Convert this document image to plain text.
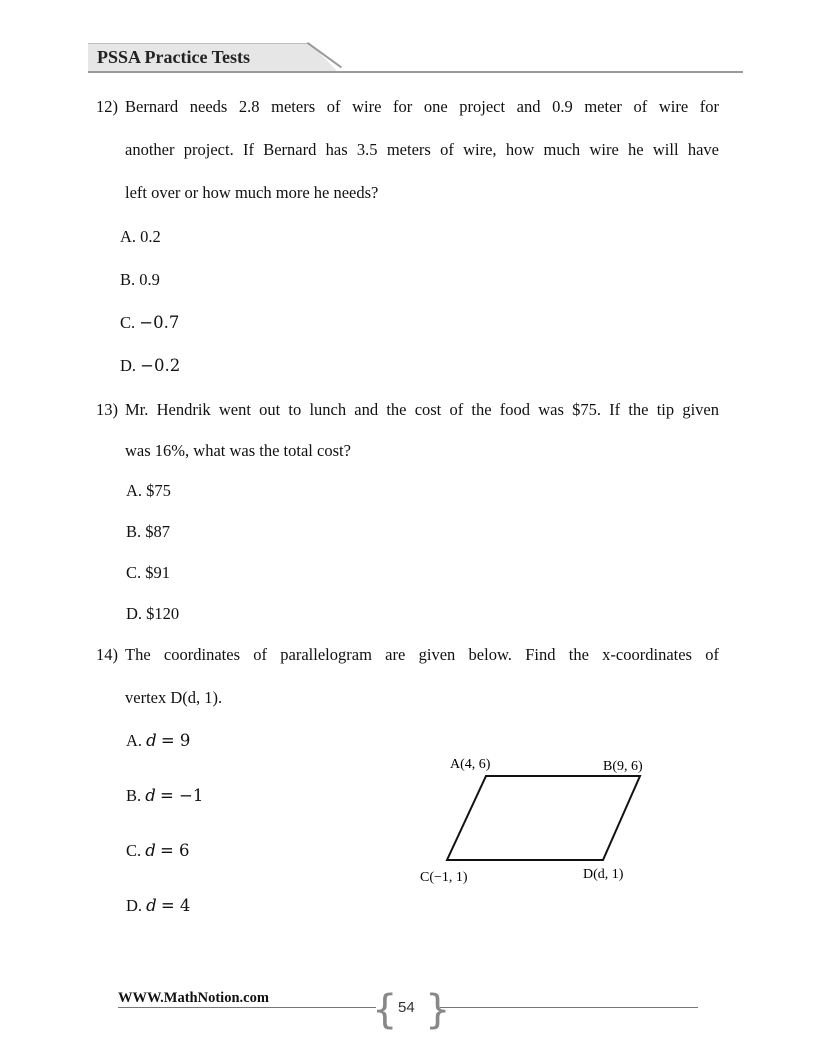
PSSA Practice Tests
12) Bernard needs 2.8 meters of wire for one project and 0.9 meter of wire for
another project. If Bernard has 3.5 meters of wire, how much wire he will have
left over or how much more he needs?
A. 0.2
B. 0.9
C. −0.7
D. −0.2
13) Mr. Hendrik went out to lunch and the cost of the food was $75. If the tip given
was 16%, what was the total cost?
A. $75
B. $87
C. $91
D. $120
14) The coordinates of parallelogram are given below. Find the x-coordinates of
vertex D(d, 1).
A. d = 9
B. d = −1
C. d = 6
D. d = 4
A(4, 6)	B(9, 6)
C(−1, 1)	D(d, 1)
WWW.MathNotion.com	{ }
54
